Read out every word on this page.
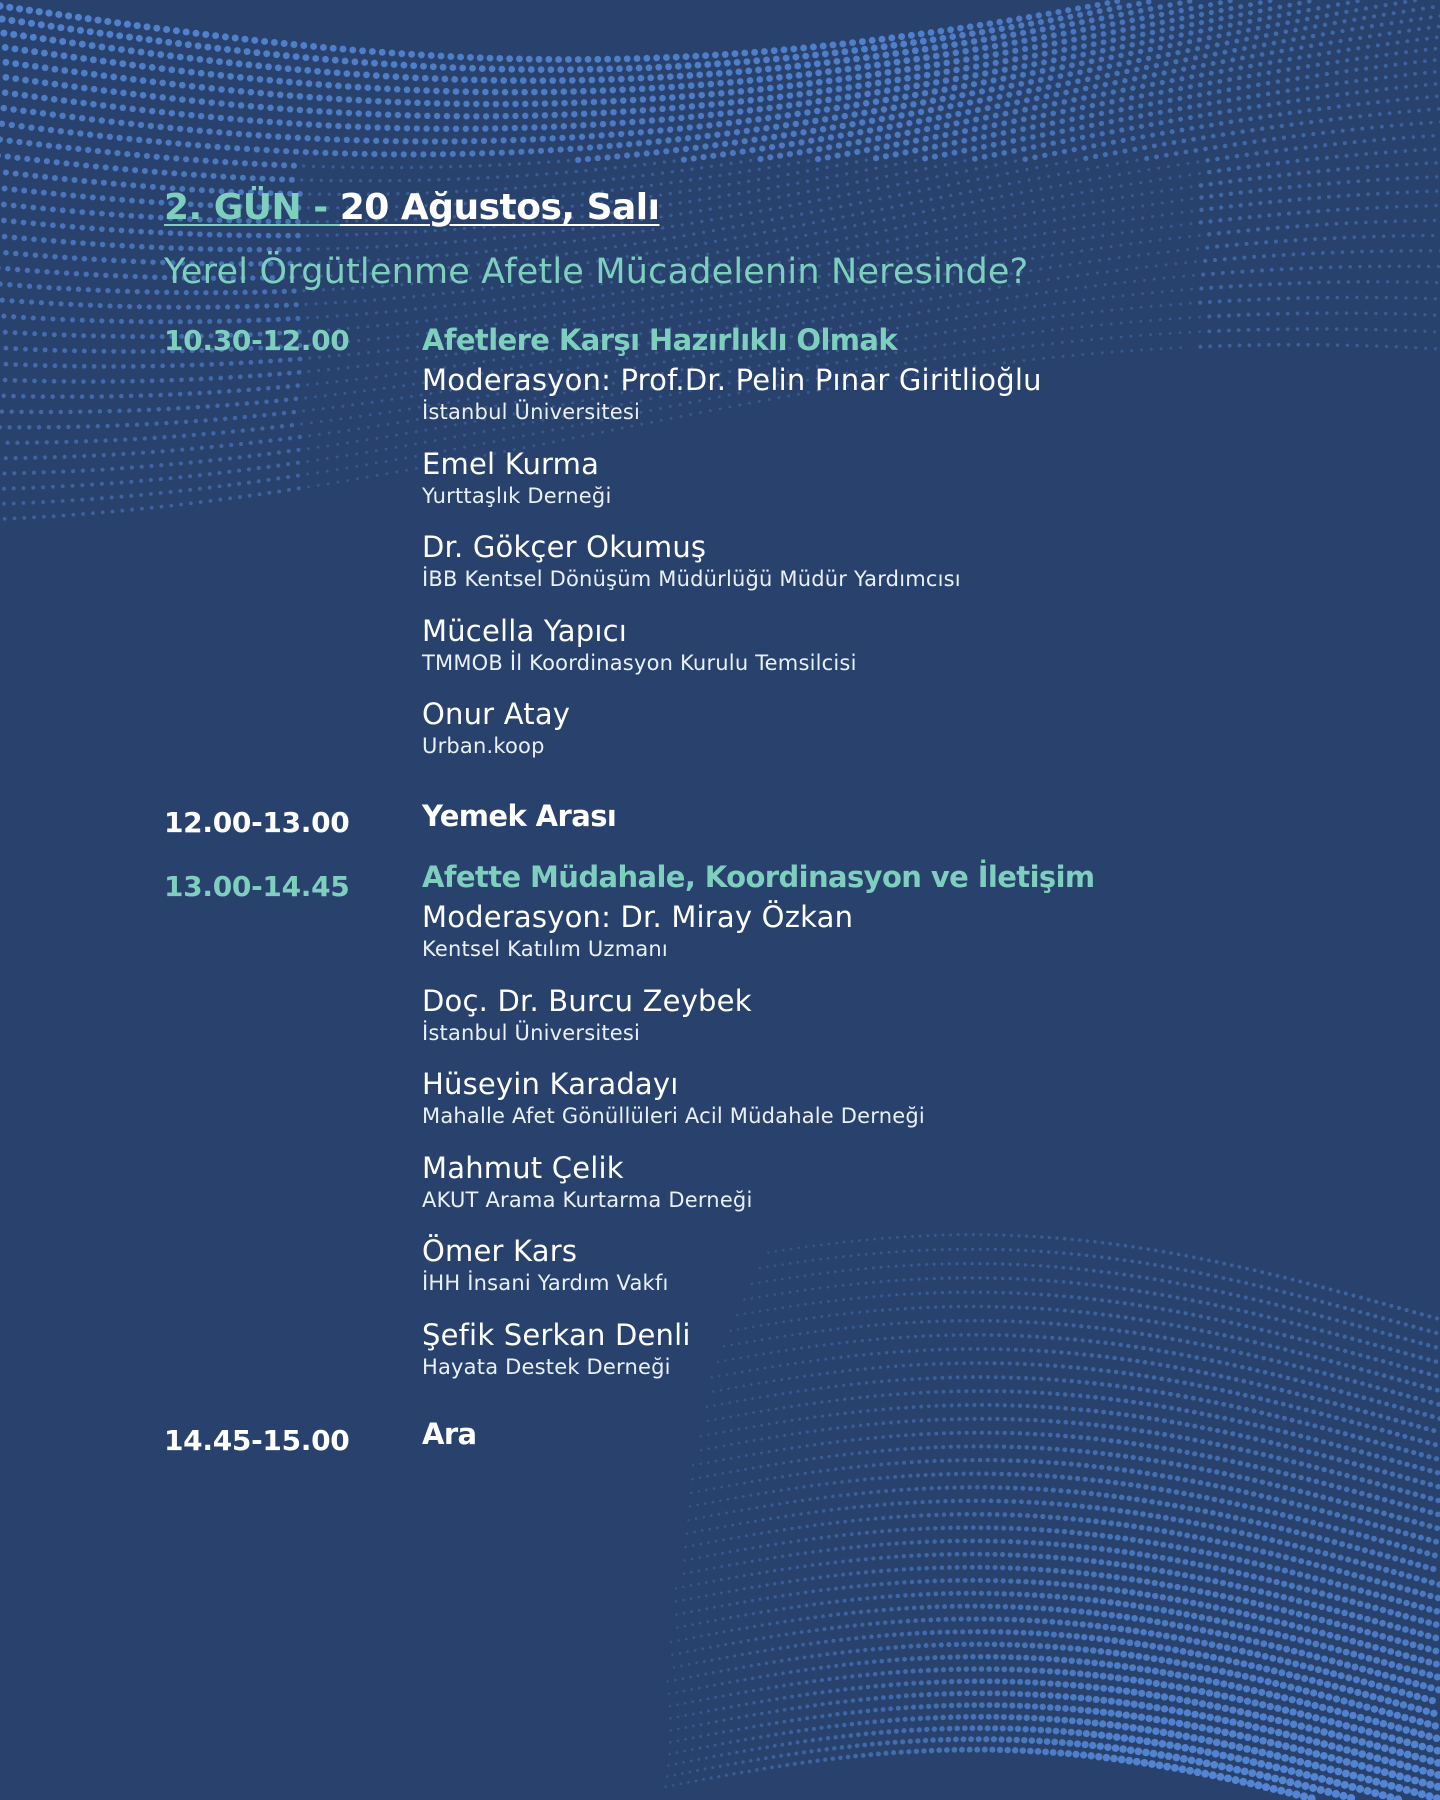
2. GÜN - 20 Ağustos, Salı
Yerel Örgütlenme Afetle Mücadelenin Neresinde?
10.30-12.00	Afetlere Karşı Hazırlıklı Olmak
Moderasyon: Prof.Dr. Pelin Pınar Giritlioğlu
İstanbul Üniversitesi
Emel Kurma
Yurttaşlık Derneği
Dr. Gökçer Okumuş
İBB Kentsel Dönüşüm Müdürlüğü Müdür Yardımcısı
Mücella Yapıcı
TMMOB İl Koordinasyon Kurulu Temsilcisi
Onur Atay
Urban.koop
12.00-13.00	Yemek Arası
13.00-14.45	Afette Müdahale, Koordinasyon ve İletişim
Moderasyon: Dr. Miray Özkan
Kentsel Katılım Uzmanı
Doç. Dr. Burcu Zeybek
İstanbul Üniversitesi
Hüseyin Karadayı
Mahalle Afet Gönüllüleri Acil Müdahale Derneği
Mahmut Çelik
AKUT Arama Kurtarma Derneği
Ömer Kars
İHH İnsani Yardım Vakfı
Şefik Serkan Denli
Hayata Destek Derneği
14.45-15.00	Ara
